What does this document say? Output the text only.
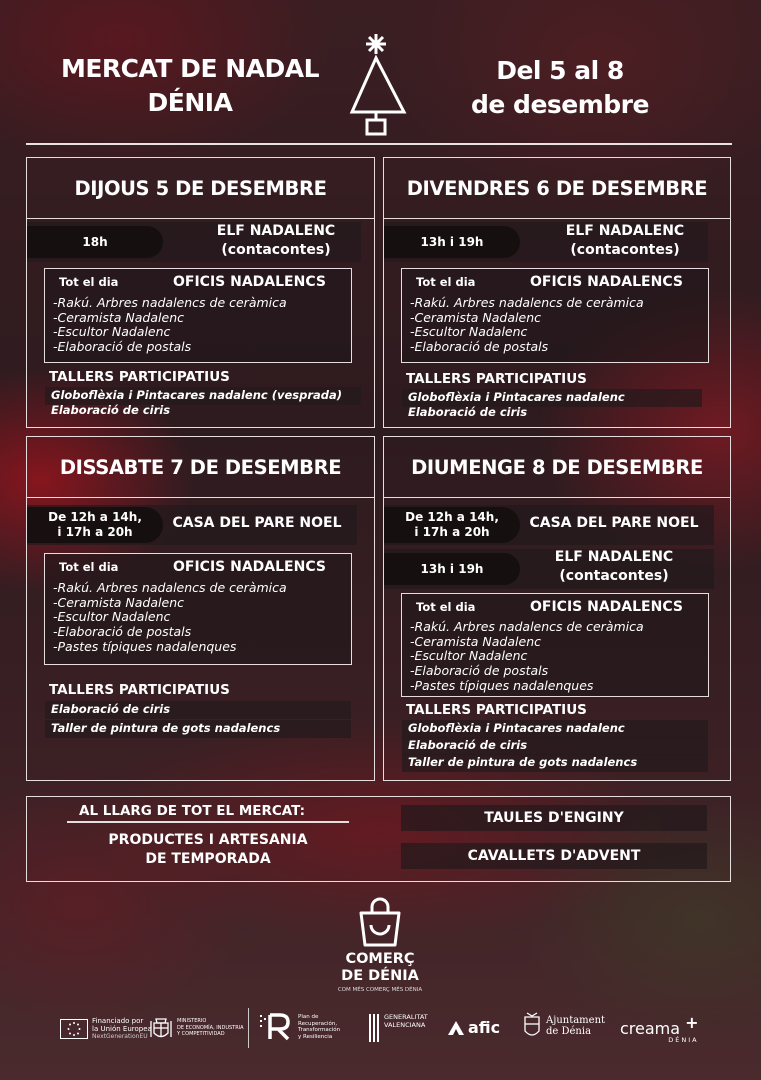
MERCAT DE NADAL
DÉNIA
Del 5 al 8
de desembre
DIJOUS 5 DE DESEMBRE
18h
ELF NADALENC
(contacontes)
Tot el dia	OFICIS NADALENCS
-Rakú. Arbres nadalencs de ceràmica
-Ceramista Nadalenc
-Esculto​r Nadalenc
-Elaboració de postals
TALLERS PARTICIPATIUS
Globoflèxia i Pintacares nadalenc (vesprada)
Elaboració de ciris
DIVENDRES 6 DE DESEMBRE
13h i 19h
ELF NADALENC
(contacontes)
Tot el dia	OFICIS NADALENCS
-Rakú. Arbres nadalencs de ceràmica
-Ceramista Nadalenc
-Escultor Nadalenc
-Elaboració de postals
TALLERS PARTICIPATIUS
Globoflèxia i Pintacares nadalenc
Elaboració de ciris
DISSABTE 7 DE DESEMBRE
De 12h a 14h,
i 17h a 20h
CASA DEL PARE NOEL
Tot el dia	OFICIS NADALENCS
-Rakú. Arbres nadalencs de ceràmica
-Ceramista Nadalenc
-Escultor Nadalenc
-Elaboració de postals
-Pastes típiques nadalenques
TALLERS PARTICIPATIUS
Elaboració de ciris
Taller de pintura de gots nadalencs
DIUMENGE 8 DE DESEMBRE
De 12h a 14h,
i 17h a 20h
CASA DEL PARE NOEL
13h i 19h
ELF NADALENC
(contacontes)
Tot el dia	OFICIS NADALENCS
-Rakú. Arbres nadalencs de ceràmica
-Ceramista Nadalenc
-Escultor Nadalenc
-Elaboració de postals
-Pastes típiques nadalenques
TALLERS PARTICIPATIUS
Globoflèxia i Pintacares nadalenc
Elaboració de ciris
Taller de pintura de gots nadalencs
AL LLARG DE TOT EL MERCAT:
PRODUCTES I ARTESANIA
DE TEMPORADA
TAULES D'ENGINY
CAVALLETS D'ADVENT
COMERÇ
DE DÉNIA
COM MÉS COMERÇ MÉS DÉNIA
Financiado por
la Unión Europea
NextGenerationEU
MINISTERIO
DE ECONOMÍA, INDUSTRIA
Y COMPETITIVIDAD
Plan de
Recuperación,
Transformación
y Resiliencia
GENERALITAT
VALENCIANA	afic	Ajuntament
de Dénia	creama +
DÉNIA
